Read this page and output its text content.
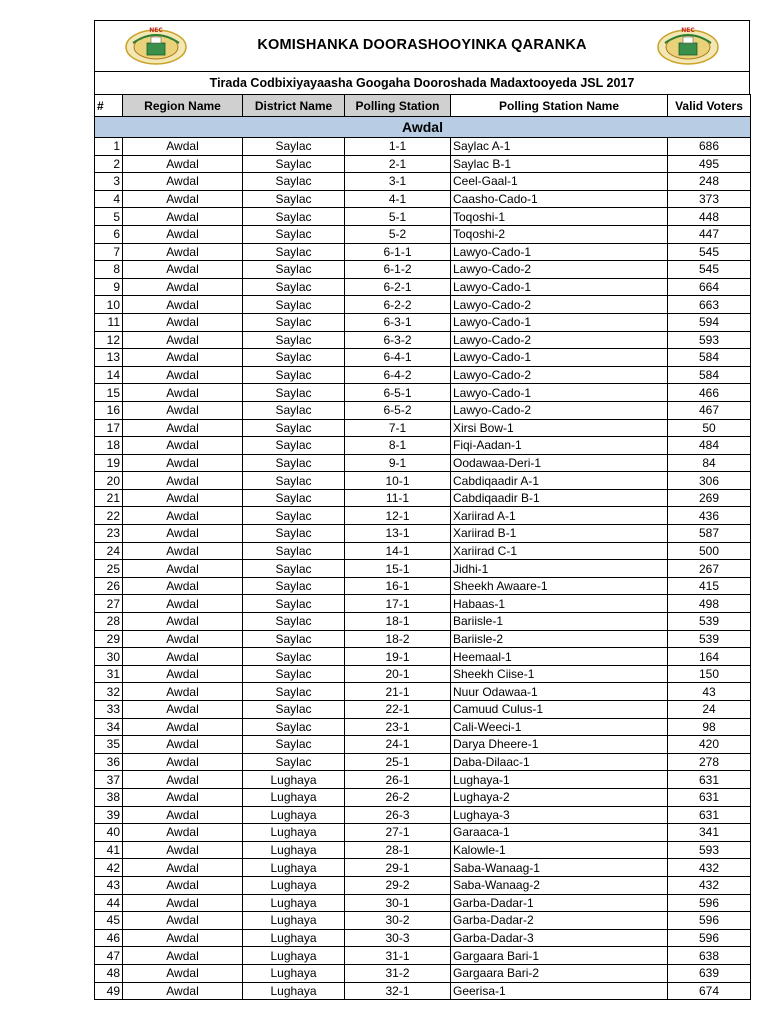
NEC
KOMISHANKA DOORASHOOYINKA QARANKA
NEC
Tirada Codbixiyayaasha Googaha Dooroshada Madaxtooyeda JSL 2017
#	Region Name	District Name	Polling Station	Polling Station Name	Valid Voters
Awdal					
1	Awdal	Saylac	1-1	Saylac A-1	686
2	Awdal	Saylac	2-1	Saylac B-1	495
3	Awdal	Saylac	3-1	Ceel-Gaal-1	248
4	Awdal	Saylac	4-1	Caasho-Cado-1	373
5	Awdal	Saylac	5-1	Toqoshi-1	448
6	Awdal	Saylac	5-2	Toqoshi-2	447
7	Awdal	Saylac	6-1-1	Lawyo-Cado-1	545
8	Awdal	Saylac	6-1-2	Lawyo-Cado-2	545
9	Awdal	Saylac	6-2-1	Lawyo-Cado-1	664
10	Awdal	Saylac	6-2-2	Lawyo-Cado-2	663
11	Awdal	Saylac	6-3-1	Lawyo-Cado-1	594
12	Awdal	Saylac	6-3-2	Lawyo-Cado-2	593
13	Awdal	Saylac	6-4-1	Lawyo-Cado-1	584
14	Awdal	Saylac	6-4-2	Lawyo-Cado-2	584
15	Awdal	Saylac	6-5-1	Lawyo-Cado-1	466
16	Awdal	Saylac	6-5-2	Lawyo-Cado-2	467
17	Awdal	Saylac	7-1	Xirsi Bow-1	50
18	Awdal	Saylac	8-1	Fiqi-Aadan-1	484
19	Awdal	Saylac	9-1	Oodawaa-Deri-1	84
20	Awdal	Saylac	10-1	Cabdiqaadir A-1	306
21	Awdal	Saylac	11-1	Cabdiqaadir B-1	269
22	Awdal	Saylac	12-1	Xariirad A-1	436
23	Awdal	Saylac	13-1	Xariirad B-1	587
24	Awdal	Saylac	14-1	Xariirad C-1	500
25	Awdal	Saylac	15-1	Jidhi-1	267
26	Awdal	Saylac	16-1	Sheekh Awaare-1	415
27	Awdal	Saylac	17-1	Habaas-1	498
28	Awdal	Saylac	18-1	Bariisle-1	539
29	Awdal	Saylac	18-2	Bariisle-2	539
30	Awdal	Saylac	19-1	Heemaal-1	164
31	Awdal	Saylac	20-1	Sheekh Ciise-1	150
32	Awdal	Saylac	21-1	Nuur Odawaa-1	43
33	Awdal	Saylac	22-1	Camuud Culus-1	24
34	Awdal	Saylac	23-1	Cali-Weeci-1	98
35	Awdal	Saylac	24-1	Darya Dheere-1	420
36	Awdal	Saylac	25-1	Daba-Dilaac-1	278
37	Awdal	Lughaya	26-1	Lughaya-1	631
38	Awdal	Lughaya	26-2	Lughaya-2	631
39	Awdal	Lughaya	26-3	Lughaya-3	631
40	Awdal	Lughaya	27-1	Garaaca-1	341
41	Awdal	Lughaya	28-1	Kalowle-1	593
42	Awdal	Lughaya	29-1	Saba-Wanaag-1	432
43	Awdal	Lughaya	29-2	Saba-Wanaag-2	432
44	Awdal	Lughaya	30-1	Garba-Dadar-1	596
45	Awdal	Lughaya	30-2	Garba-Dadar-2	596
46	Awdal	Lughaya	30-3	Garba-Dadar-3	596
47	Awdal	Lughaya	31-1	Gargaara Bari-1	638
48	Awdal	Lughaya	31-2	Gargaara Bari-2	639
49	Awdal	Lughaya	32-1	Geerisa-1	674
